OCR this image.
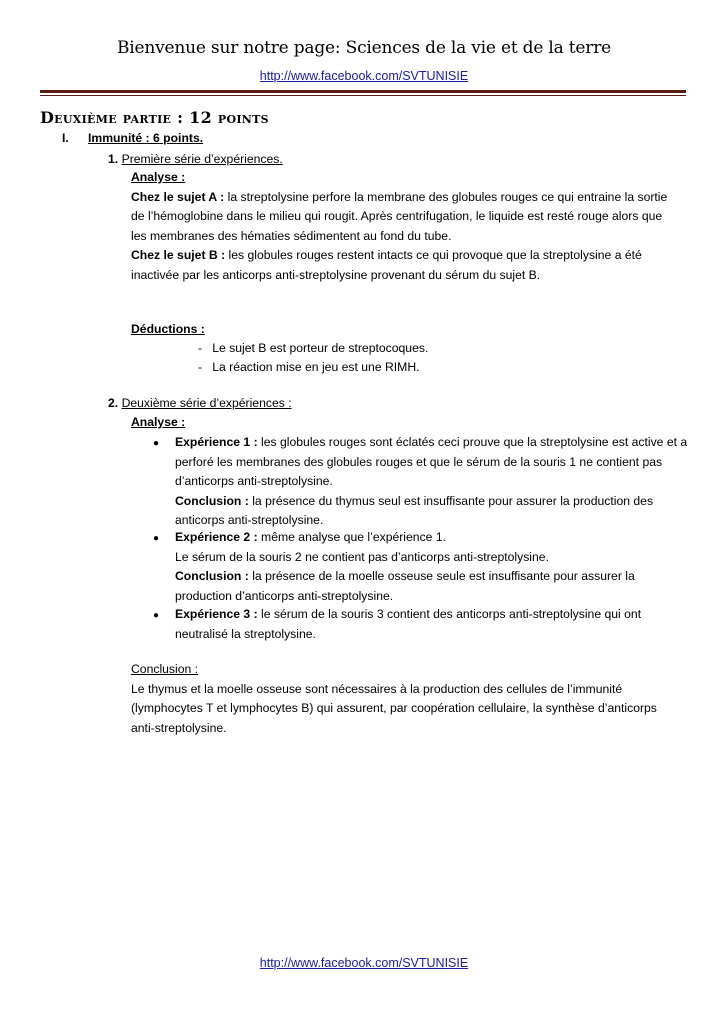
Bienvenue sur notre page: Sciences de la vie et de la terre
http://www.facebook.com/SVTUNISIE
Deuxième partie : 12 points
I. Immunité : 6 points.
1. Première série d’expériences.
Analyse :
Chez le sujet A : la streptolysine perfore la membrane des globules rouges ce qui entraine la sortie
de l’hémoglobine dans le milieu qui rougit. Après centrifugation, le liquide est resté rouge alors que
les membranes des hématies sédimentent au fond du tube.
Chez le sujet B : les globules rouges restent intacts ce qui provoque que la streptolysine a été
inactivée par les anticorps anti-streptolysine provenant du sérum du sujet B.
Déductions :
-   Le sujet B est porteur de streptocoques.
-   La réaction mise en jeu est une RIMH.
2. Deuxième série d’expériences :
Analyse :
● Expérience 1 : les globules rouges sont éclatés ceci prouve que la streptolysine est active et a
perforé les membranes des globules rouges et que le sérum de la souris 1 ne contient pas
d’anticorps anti-streptolysine.
Conclusion : la présence du thymus seul est insuffisante pour assurer la production des
anticorps anti-streptolysine.
● Expérience 2 : même analyse que l’expérience 1.
Le sérum de la souris 2 ne contient pas d’anticorps anti-streptolysine.
Conclusion : la présence de la moelle osseuse seule est insuffisante pour assurer la
production d’anticorps anti-streptolysine.
● Expérience 3 : le sérum de la souris 3 contient des anticorps anti-streptolysine qui ont
neutralisé la streptolysine.
Conclusion :
Le thymus et la moelle osseuse sont nécessaires à la production des cellules de l’immunité
(lymphocytes T et lymphocytes B) qui assurent, par coopération cellulaire, la synthèse d’anticorps
anti-streptolysine.
http://www.facebook.com/SVTUNISIE
